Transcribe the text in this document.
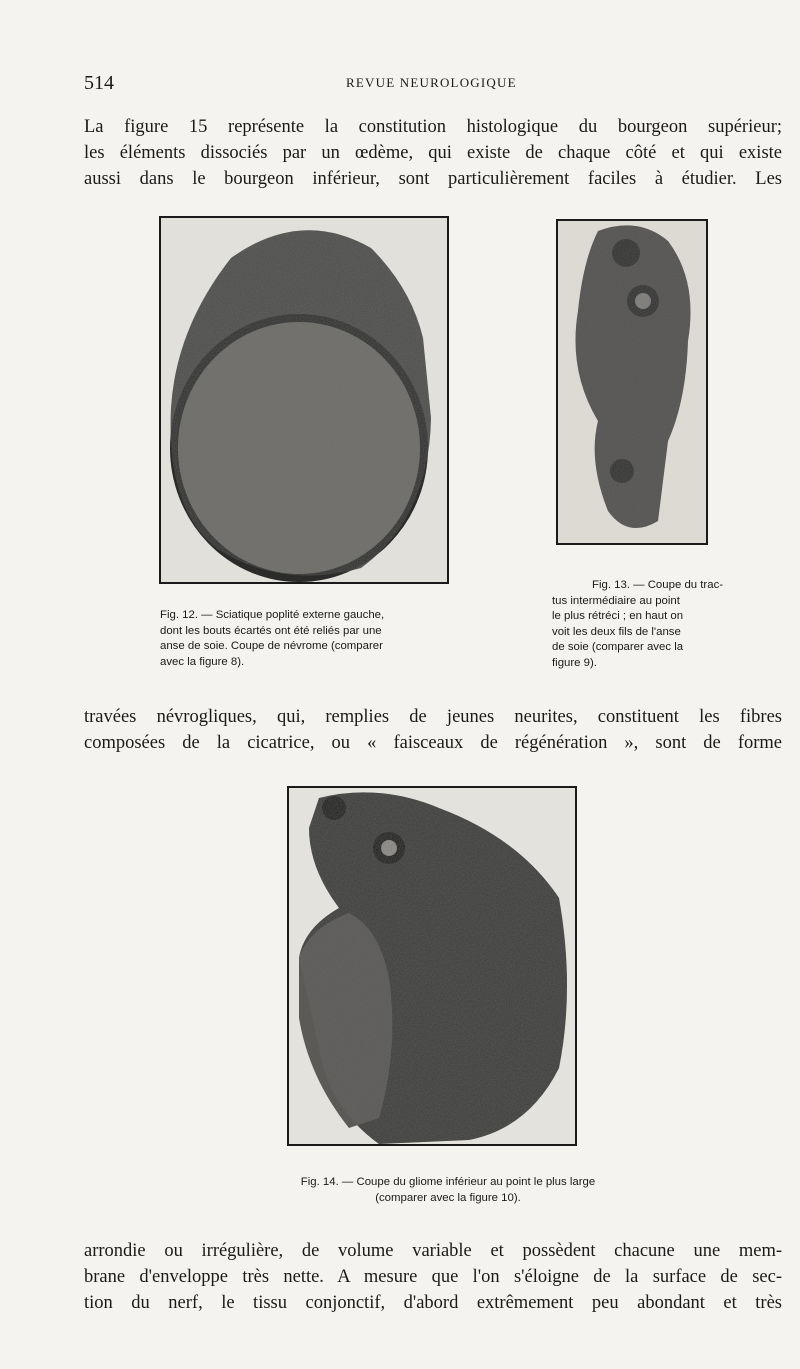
514	REVUE NEUROLOGIQUE
La figure 15 représente la constitution histologique du bourgeon supérieur;
les éléments dissociés par un œdème, qui existe de chaque côté et qui existe
aussi dans le bourgeon inférieur, sont particulièrement faciles à étudier. Les
Fig. 12. — Sciatique poplité externe gauche,
dont les bouts écartés ont été reliés par une
anse de soie. Coupe de névrome (comparer
avec la figure 8).
Fig. 13. — Coupe du trac-
tus intermédiaire au point
le plus rétréci ; en haut on
voit les deux fils de l'anse
de soie (comparer avec la
figure 9).
travées névrogliques, qui, remplies de jeunes neurites, constituent les fibres
composées de la cicatrice, ou « faisceaux de régénération », sont de forme
Fig. 14. — Coupe du gliome inférieur au point le plus large
(comparer avec la figure 10).
arrondie ou irrégulière, de volume variable et possèdent chacune une mem-
brane d'enveloppe très nette. A mesure que l'on s'éloigne de la surface de sec-
tion du nerf, le tissu conjonctif, d'abord extrêmement peu abondant et très
